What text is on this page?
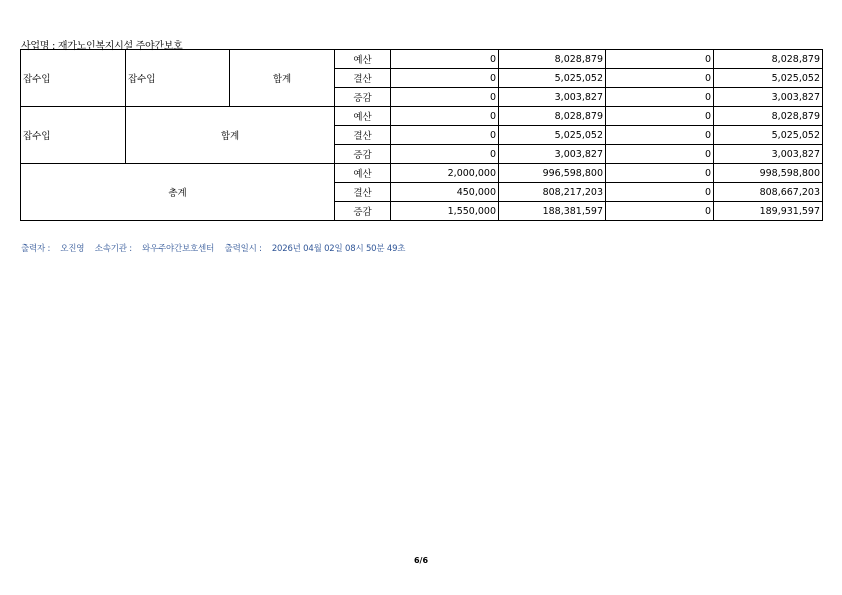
사업명 : 재가노인복지시설 주야간보호
잡수입	잡수입	합계	예산	0	8,028,879	0	8,028,879
			결산	0	5,025,052	0	5,025,052
			증감	0	3,003,827	0	3,003,827
잡수입	합계		예산	0	8,028,879	0	8,028,879
			결산	0	5,025,052	0	5,025,052
			증감	0	3,003,827	0	3,003,827
총계			예산	2,000,000	996,598,800	0	998,598,800
			결산	450,000	808,217,203	0	808,667,203
			증감	1,550,000	188,381,597	0	189,931,597
출력자 : 오진영 소속기관 : 와우주야간보호센터 출력일시 : 2026년 04월 02일 08시 50분 49초
6/6
